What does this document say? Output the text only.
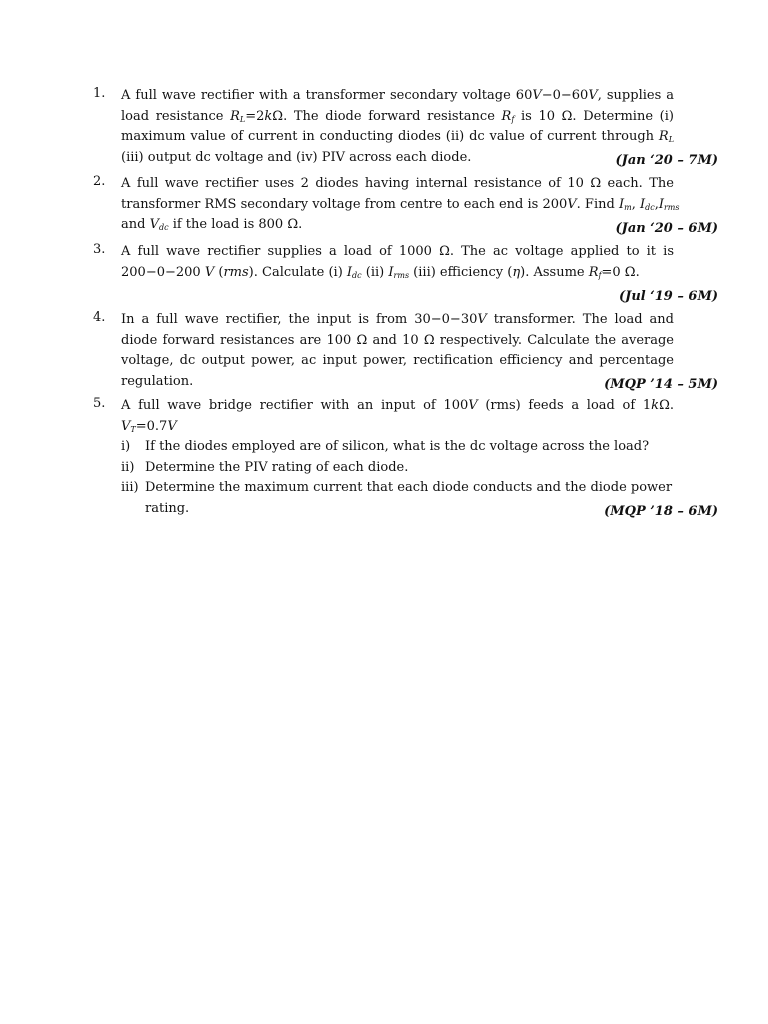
1. A full wave rectifier with a transformer secondary voltage 60V−0−60V, supplies a
load resistance $R_L=2k\Omega$. The diode forward resistance $R_f$ is 10 Ω. Determine (i)
maximum value of current in conducting diodes (ii) dc value of current through $R_L$
(iii) output dc voltage and (iv) PIV across each diode.	(Jan ‘20 – 7M)
2. A full wave rectifier uses 2 diodes having internal resistance of 10 Ω each. The
transformer RMS secondary voltage from centre to each end is 200V. Find $I_m$, $I_{dc},I_{rms}$
and $V_{dc}$ if the load is 800 Ω.	(Jan ‘20 – 6M)
3. A full wave rectifier supplies a load of 1000 Ω. The ac voltage applied to it is
200−0−200 V (rms). Calculate (i) $I_{dc}$ (ii) $I_{rms}$ (iii) efficiency (η). Assume $R_f=0$ Ω.
(Jul ‘19 – 6M)
4. In a full wave rectifier, the input is from 30−0−30V transformer. The load and
diode forward resistances are 100 Ω and 10 Ω respectively. Calculate the average
voltage, dc output power, ac input power, rectification efficiency and percentage
regulation.	(MQP ’14 – 5M)
5. A full wave bridge rectifier with an input of 100V (rms) feeds a load of 1kΩ.
$V_T=0.7V$
i) If the diodes employed are of silicon, what is the dc voltage across the load?
ii) Determine the PIV rating of each diode.
iii) Determine the maximum current that each diode conducts and the diode power
rating.	(MQP ’18 – 6M)
